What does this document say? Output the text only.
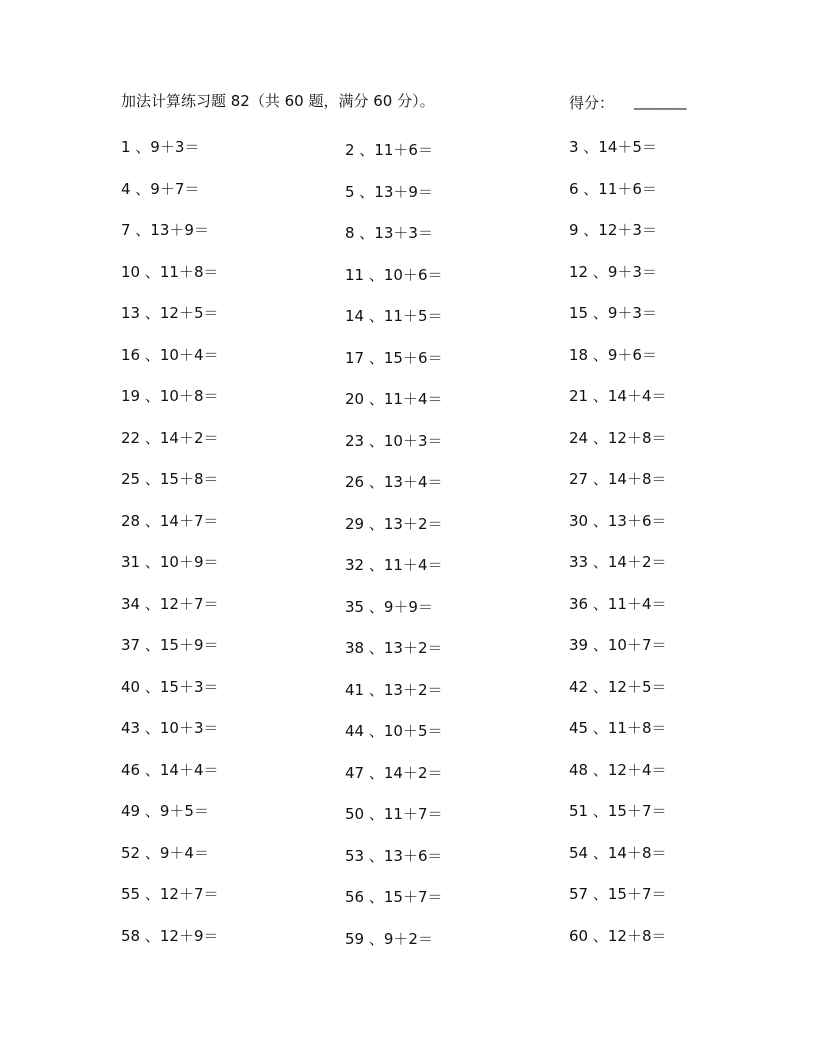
加法计算练习题 82（共 60 题，满分 60 分）。	得分： _______
1 、9＋3＝	2 、11＋6＝	3 、14＋5＝
4 、9＋7＝	5 、13＋9＝	6 、11＋6＝
7 、13＋9＝	8 、13＋3＝	9 、12＋3＝
10 、11＋8＝	11 、10＋6＝	12 、9＋3＝
13 、12＋5＝	14 、11＋5＝	15 、9＋3＝
16 、10＋4＝	17 、15＋6＝	18 、9＋6＝
19 、10＋8＝	20 、11＋4＝	21 、14＋4＝
22 、14＋2＝	23 、10＋3＝	24 、12＋8＝
25 、15＋8＝	26 、13＋4＝	27 、14＋8＝
28 、14＋7＝	29 、13＋2＝	30 、13＋6＝
31 、10＋9＝	32 、11＋4＝	33 、14＋2＝
34 、12＋7＝	35 、9＋9＝	36 、11＋4＝
37 、15＋9＝	38 、13＋2＝	39 、10＋7＝
40 、15＋3＝	41 、13＋2＝	42 、12＋5＝
43 、10＋3＝	44 、10＋5＝	45 、11＋8＝
46 、14＋4＝	47 、14＋2＝	48 、12＋4＝
49 、9＋5＝	50 、11＋7＝	51 、15＋7＝
52 、9＋4＝	53 、13＋6＝	54 、14＋8＝
55 、12＋7＝	56 、15＋7＝	57 、15＋7＝
58 、12＋9＝	59 、9＋2＝	60 、12＋8＝
